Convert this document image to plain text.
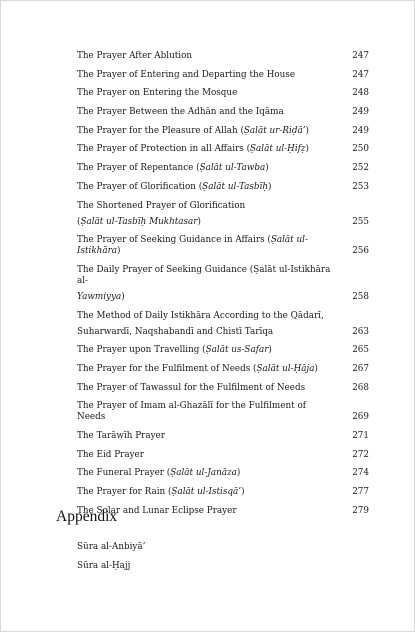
The Prayer After Ablution	247
The Prayer of Entering and Departing the House	247
The Prayer on Entering the Mosque	248
The Prayer Between the Adhān and the Iqāma	249
The Prayer for the Pleasure of Allah (Ṣalāt ur-Riḍā’)	249
The Prayer of Protection in all Affairs (Ṣalāt ul-Ḥifẓ)	250
The Prayer of Repentance (Ṣalāt ul-Tawba)	252
The Prayer of Glorification (Ṣalāt ul-Tasbīḥ)	253
The Shortened Prayer of Glorification
(Ṣalāt ul-Tasbīḥ Mukhtasar)	255
The Prayer of Seeking Guidance in Affairs (Ṣalāt ul-Istikhāra)	256
The Daily Prayer of Seeking Guidance (Ṣalāt ul-Istikhāra al-
Yawmiyya)	258
The Method of Daily Istikhāra According to the Qādarī,
Suharwardī, Naqshabandī and Chistī Tarīqa	263
The Prayer upon Travelling (Ṣalāt us-Safar)	265
The Prayer for the Fulfilment of Needs (Ṣalāt ul-Ḥāja)	267
The Prayer of Tawassul for the Fulfilment of Needs	268
The Prayer of Imam al-Ghazālī for the Fulfilment of Needs	269
The Tarāwīh Prayer	271
The Eid Prayer	272
The Funeral Prayer (Ṣalāt ul-Janāza)	274
The Prayer for Rain (Ṣalāt ul-Istisqā’)	277
The Solar and Lunar Eclipse Prayer	279
Appendix
Sūra al-Anbiyā’
Sūra al-Ḥajj
